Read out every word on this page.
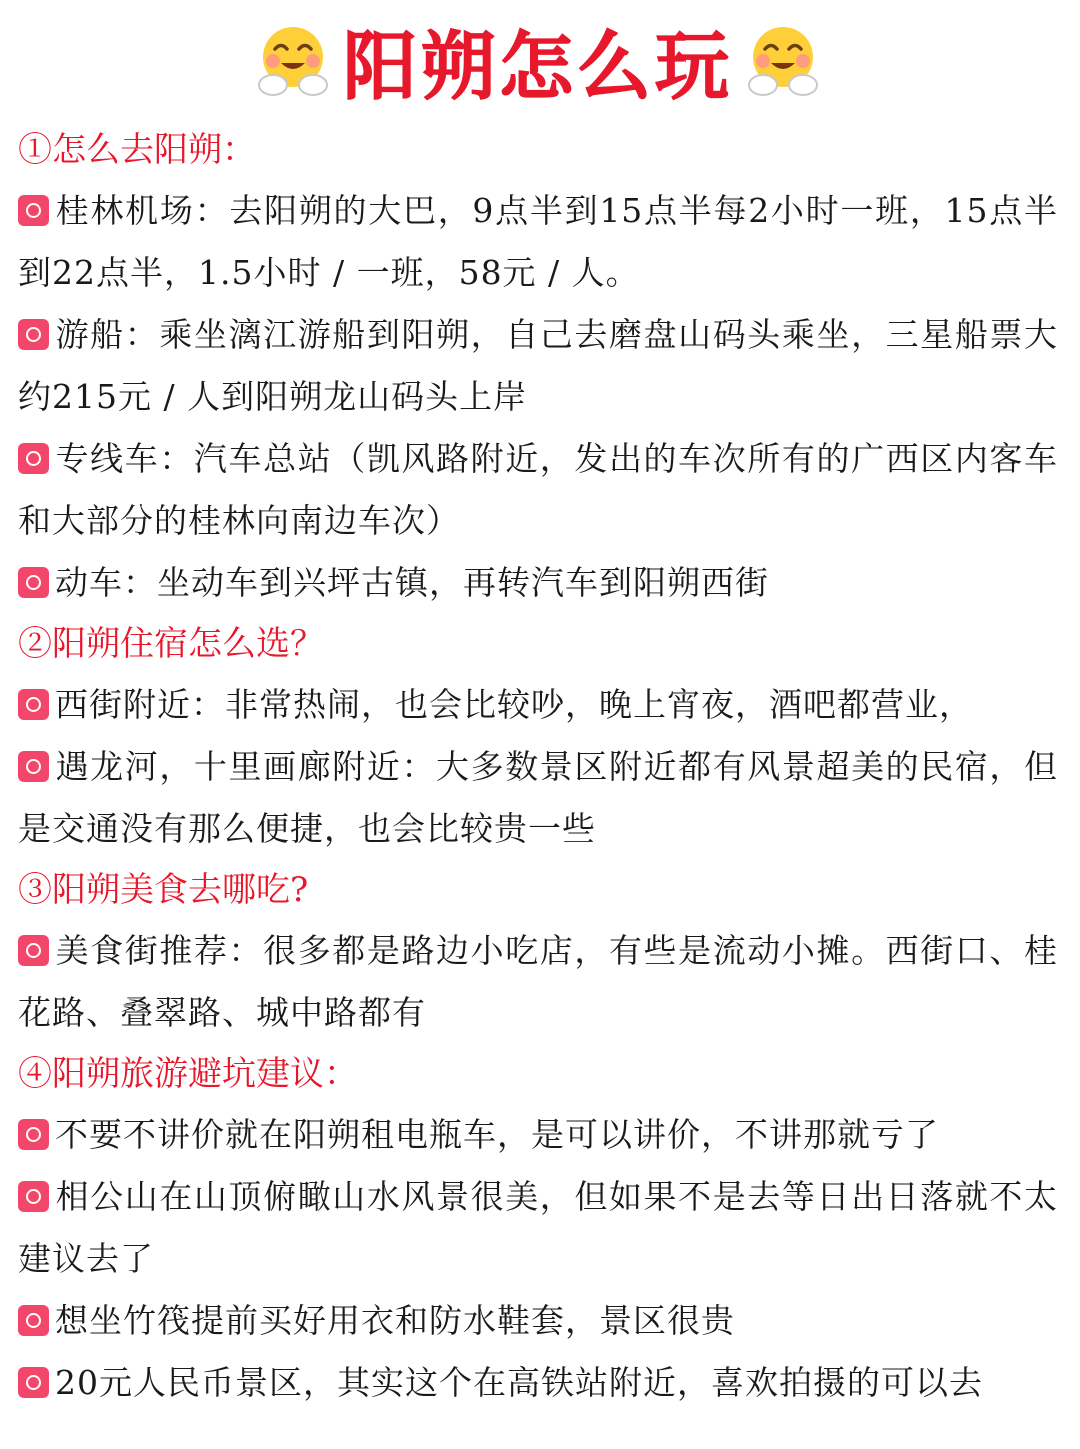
阳朔怎么玩
①怎么去阳朔：
桂林机场：去阳朔的大巴，9点半到15点半每2小时一班，15点半到22点半，1.5小时 / 一班，58元 / 人。
游船：乘坐漓江游船到阳朔，自己去磨盘山码头乘坐，三星船票大约215元 / 人到阳朔龙山码头上岸
专线车：汽车总站（凯风路附近，发出的车次所有的广西区内客车和大部分的桂林向南边车次）
动车：坐动车到兴坪古镇，再转汽车到阳朔西街
②阳朔住宿怎么选？
西街附近：非常热闹，也会比较吵，晚上宵夜，酒吧都营业，
遇龙河，十里画廊附近：大多数景区附近都有风景超美的民宿，但是交通没有那么便捷，也会比较贵一些
③阳朔美食去哪吃?
美食街推荐：很多都是路边小吃店，有些是流动小摊。西街口、桂花路、叠翠路、城中路都有
④阳朔旅游避坑建议：
不要不讲价就在阳朔租电瓶车，是可以讲价，不讲那就亏了
相公山在山顶俯瞰山水风景很美，但如果不是去等日出日落就不太建议去了
想坐竹筏提前买好用衣和防水鞋套，景区很贵
20元人民币景区，其实这个在高铁站附近，喜欢拍摄的可以去
